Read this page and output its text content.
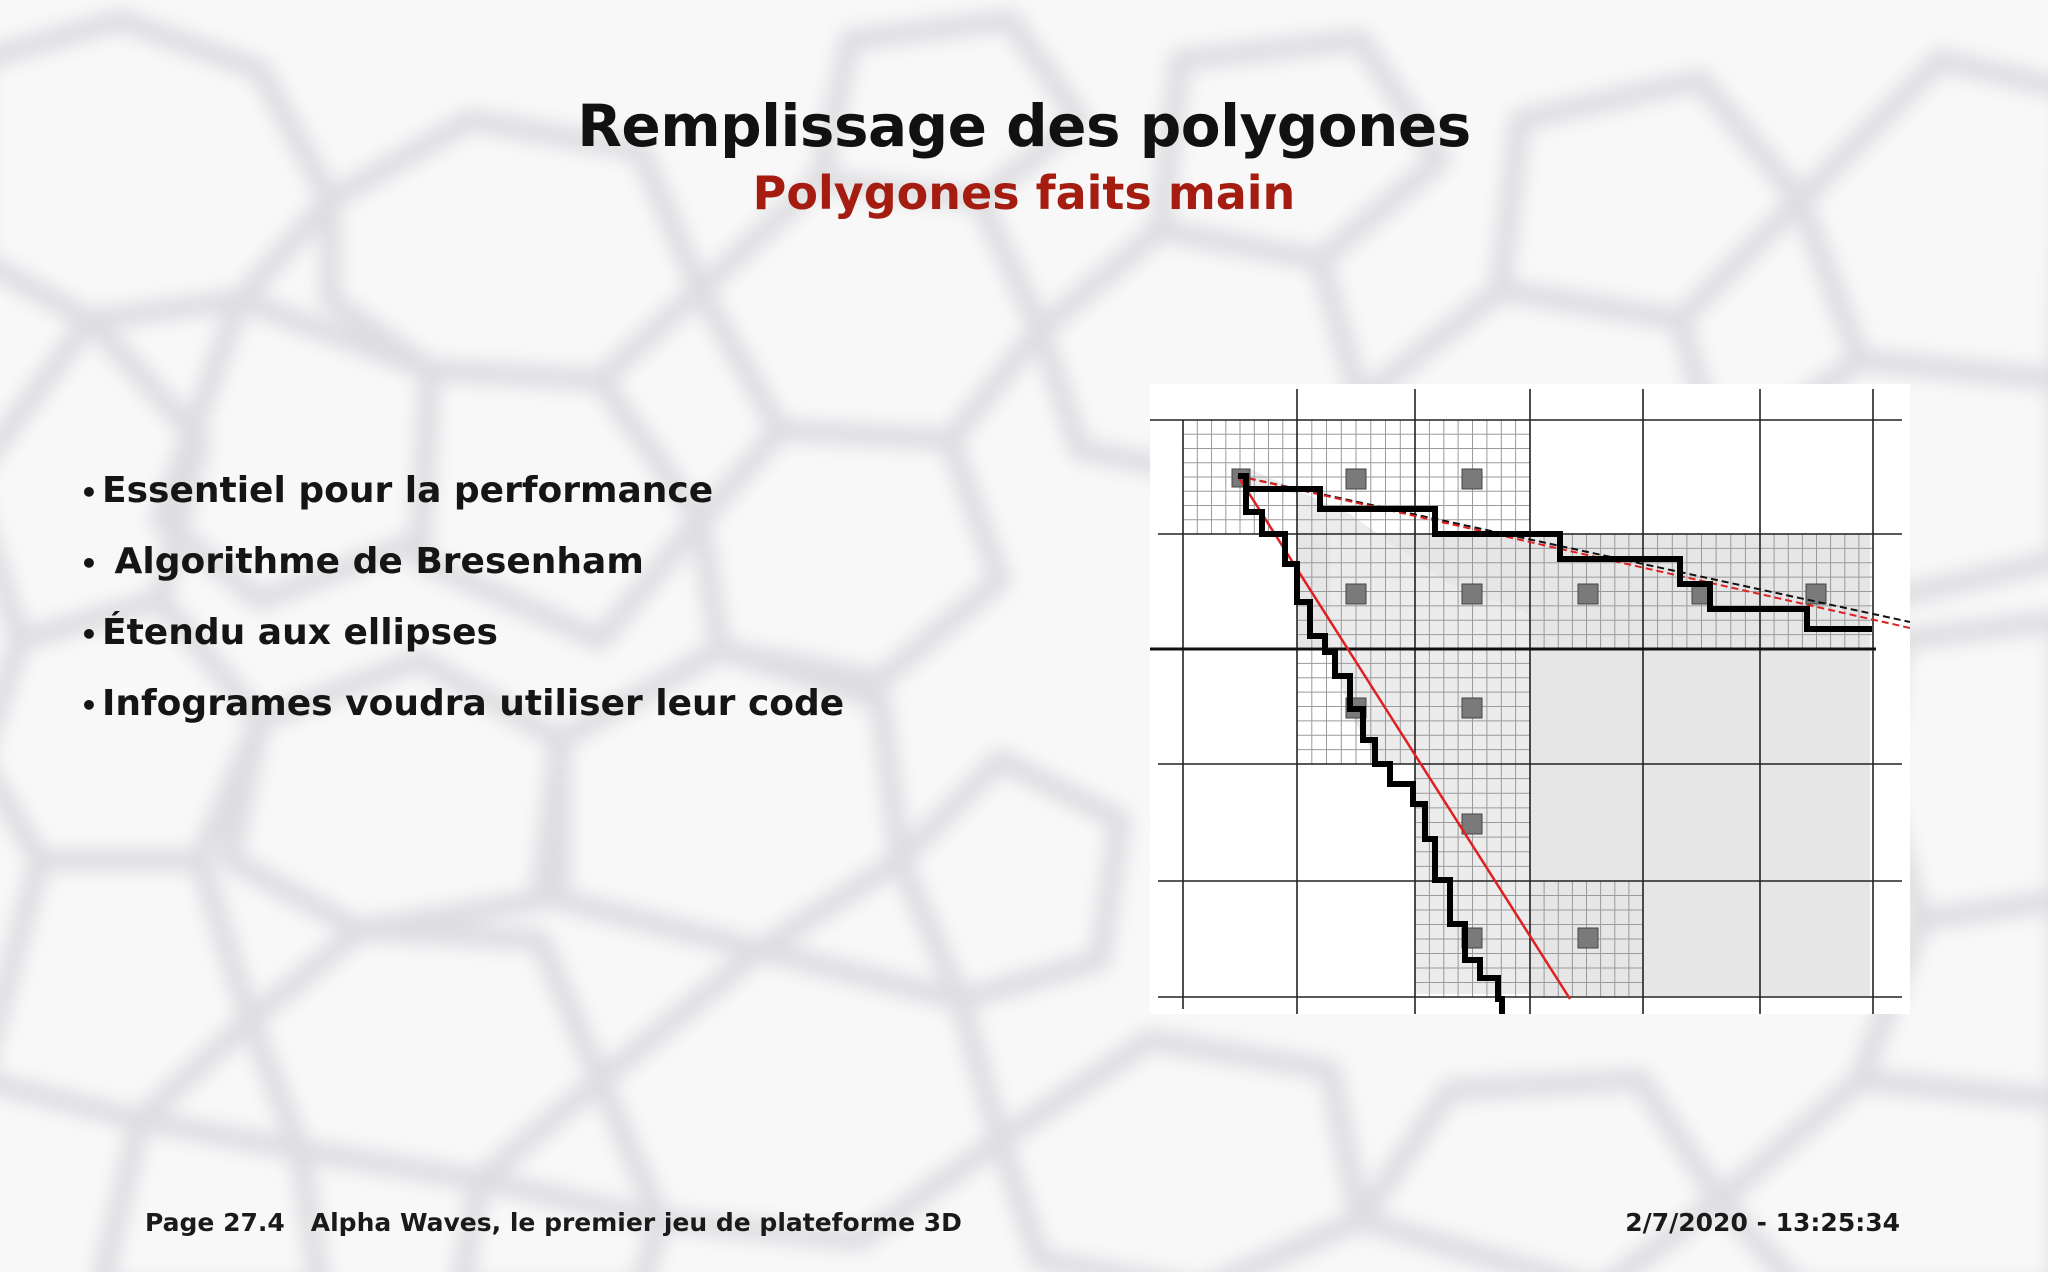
Remplissage des polygones
Polygones faits main
• Essentiel pour la performance
• Algorithme de Bresenham
• Étendu aux ellipses
• Infogrames voudra utiliser leur code
Page 27.4 Alpha Waves, le premier jeu de plateforme 3D	2/7/2020 - 13:25:34
